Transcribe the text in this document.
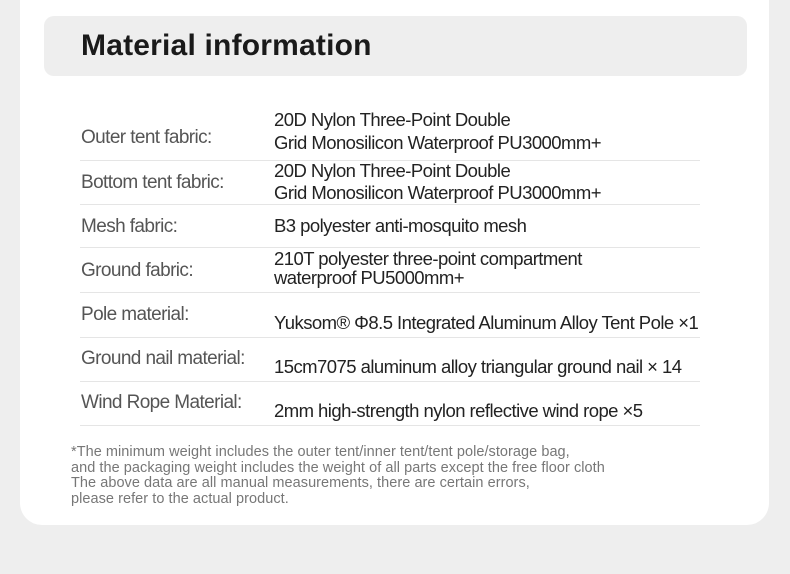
Material information
Outer tent fabric:
20D Nylon Three-Point Double
Grid Monosilicon Waterproof PU3000mm+
Bottom tent fabric:
20D Nylon Three-Point Double
Grid Monosilicon Waterproof PU3000mm+
Mesh fabric:	B3 polyester anti-mosquito mesh
Ground fabric:
210T polyester three-point compartment
waterproof PU5000mm+
Pole material:	Yuksom® Φ8.5 Integrated Aluminum Alloy Tent Pole ×1
Ground nail material: 15cm7075 aluminum alloy triangular ground nail × 14
Wind Rope Material: 2mm high-strength nylon reflective wind rope ×5
*The minimum weight includes the outer tent/inner tent/tent pole/storage bag,
and the packaging weight includes the weight of all parts except the free floor cloth
The above data are all manual measurements, there are certain errors,
please refer to the actual product.
